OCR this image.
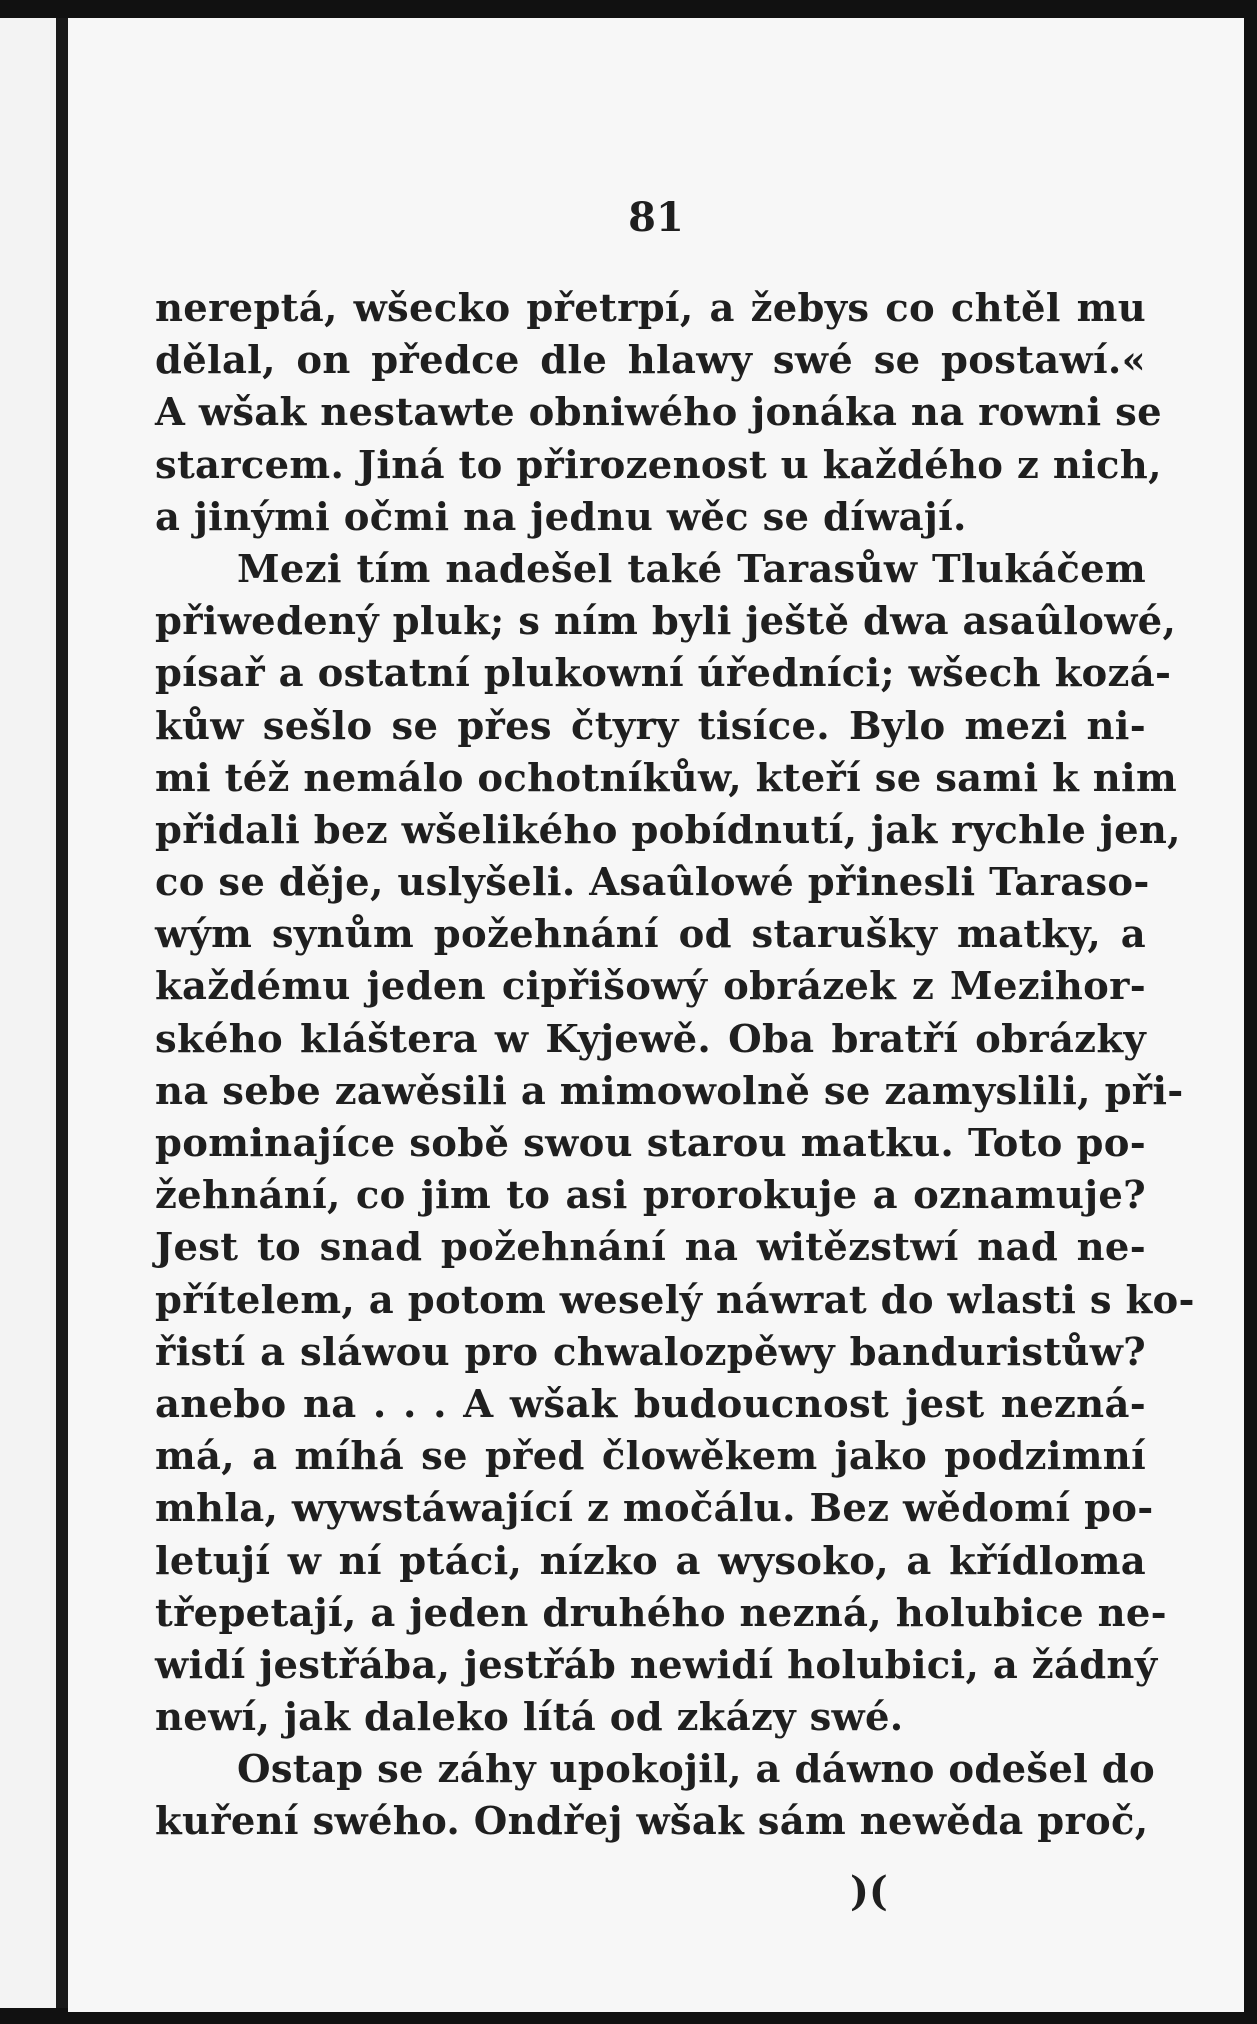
81
nereptá, wšecko přetrpí, a žebys co chtěl mu
dělal, on předce dle hlawy swé se postawí.«
A wšak nestawte obniwého jonáka na rowni se
starcem. Jiná to přirozenost u každého z nich,
a jinými očmi na jednu wěc se díwají.
Mezi tím nadešel také Tarasůw Tlukáčem
přiwedený pluk; s ním byli ještě dwa asaûlowé,
písař a ostatní plukowní úředníci; wšech kozá-
kůw sešlo se přes čtyry tisíce. Bylo mezi ni-
mi též nemálo ochotníkůw, kteří se sami k nim
přidali bez wšelikého pobídnutí, jak rychle jen,
co se děje, uslyšeli. Asaûlowé přinesli Taraso-
wým synům požehnání od starušky matky, a
každému jeden cipřišowý obrázek z Mezihor-
ského kláštera w Kyjewě. Oba bratří obrázky
na sebe zawěsili a mimowolně se zamyslili, při-
pominajíce sobě swou starou matku. Toto po-
žehnání, co jim to asi prorokuje a oznamuje?
Jest to snad požehnání na witězstwí nad ne-
přítelem, a potom weselý náwrat do wlasti s ko-
řistí a sláwou pro chwalozpěwy banduristůw?
anebo na . . . A wšak budoucnost jest nezná-
má, a míhá se před člowěkem jako podzimní
mhla, wywstáwající z močálu. Bez wědomí po-
letují w ní ptáci, nízko a wysoko, a křídloma
třepetají, a jeden druhého nezná, holubice ne-
widí jestřába, jestřáb newidí holubici, a žádný
newí, jak daleko lítá od zkázy swé.
Ostap se záhy upokojil, a dáwno odešel do
kuření swého. Ondřej wšak sám newěda proč,
)(
